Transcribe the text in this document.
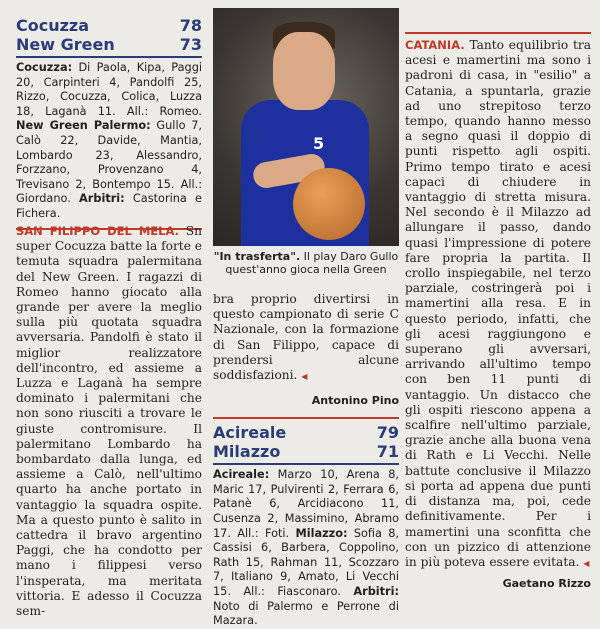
Cocuzza	78
New Green	73
Cocuzza: Di Paola, Kipa, Paggi 20, Carpinteri 4, Pandolfi 25, Rizzo, Cocuzza, Colica, Luzza 18, Laganà 11. All.: Romeo. New Green Palermo: Gullo 7, Calò 22, Davide, Mantia, Lombardo 23, Alessandro, Forzzano, Provenzano 4, Trevisano 2, Bontempo 15. All.: Giordano. Arbitri: Castorina e Fichera.

SAN FILIPPO DEL MELA. Sn super Cocuzza batte la forte e temuta squadra palermitana del New Green. I ragazzi di Romeo hanno giocato alla grande per avere la meglio sulla più quotata squadra avversaria. Pandolfi è stato il miglior realizzatore dell'incontro, ed assieme a Luzza e Laganà ha sempre dominato i palermitani che non sono riusciti a trovare le giuste contromisure. Il palermitano Lombardo ha bombardato dalla lunga, ed assieme a Calò, nell'ultimo quarto ha anche portato in vantaggio la squadra ospite. Ma a questo punto è salito in cattedra il bravo argentino Paggi, che ha condotto per mano i filippesi verso l'insperata, ma meritata vittoria. E adesso il Cocuzza sem-

5
"In trasferta". Il play Daro Gullo quest'anno gioca nella Green

bra proprio divertirsi in questo campionato di serie C Nazionale, con la formazione di San Filippo, capace di prendersi alcune soddisfazioni. ◀

Antonino Pino
Acireale	79
Milazzo	71
Acireale: Marzo 10, Arena 8, Maric 17, Pulvirenti 2, Ferrara 6, Patanè 6, Arcidiacono 11, Cusenza 2, Massimino, Abramo 17. All.: Foti. Milazzo: Sofia 8, Cassisi 6, Barbera, Coppolino, Rath 15, Rahman 11, Scozzaro 7, Italiano 9, Amato, Li Vecchi 15. All.: Fiasconaro. Arbitri: Noto di Palermo e Perrone di Mazara.

CATANIA. Tanto equilibrio tra acesi e mamertini ma sono i padroni di casa, in "esilio" a Catania, a spuntarla, grazie ad uno strepitoso terzo tempo, quando hanno messo a segno quasi il doppio di punti rispetto agli ospiti. Primo tempo tirato e acesi capaci di chiudere in vantaggio di stretta misura. Nel secondo è il Milazzo ad allungare il passo, dando quasi l'impressione di potere fare propria la partita. Il crollo inspiegabile, nel terzo parziale, costringerà poi i mamertini alla resa. E in questo periodo, infatti, che gli acesi raggiungono e superano gli avversari, arrivando all'ultimo tempo con ben 11 punti di vantaggio. Un distacco che gli ospiti riescono appena a scalfire nell'ultimo parziale, grazie anche alla buona vena di Rath e Li Vecchi. Nelle battute conclusive il Milazzo si porta ad appena due punti di distanza ma, poi, cede definitivamente. Per i mamertini una sconfitta che con un pizzico di attenzione in più poteva essere evitata. ◀

Gaetano Rizzo
